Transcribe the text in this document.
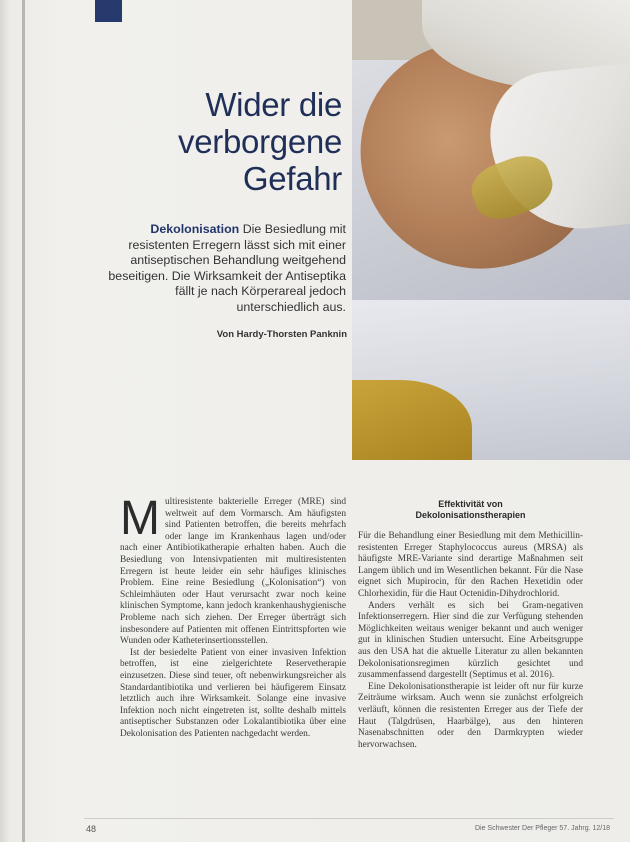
Wider die
verborgene
Gefahr
Dekolonisation Die Besiedlung mit resistenten Erregern lässt sich mit einer antiseptischen Behandlung weitgehend beseitigen. Die Wirksamkeit der Antiseptika fällt je nach Körperareal jedoch unterschiedlich aus.
Von Hardy-Thorsten Panknin

Multiresistente bakterielle Erreger (MRE) sind weltweit auf dem Vormarsch. Am häufigsten sind Patienten betroffen, die bereits mehrfach oder lange im Krankenhaus lagen und/oder nach einer Antibiotikatherapie erhalten haben. Auch die Besiedlung von Intensivpatienten mit multiresistenten Erregern ist heute leider ein sehr häufiges klinisches Problem. Eine reine Besiedlung („Kolonisation“) von Schleimhäuten oder Haut verursacht zwar noch keine klinischen Symptome, kann jedoch krankenhaushygienische Probleme nach sich ziehen. Der Erreger überträgt sich insbesondere auf Patienten mit offenen Eintrittspforten wie Wunden oder Katheterinsertionsstellen.

Ist der besiedelte Patient von einer invasiven Infektion betroffen, ist eine zielgerichtete Reservetherapie einzusetzen. Diese sind teuer, oft nebenwirkungsreicher als Standardantibiotika und verlieren bei häufigerem Einsatz letztlich auch ihre Wirksamkeit. Solange eine invasive Infektion noch nicht eingetreten ist, sollte deshalb mittels antiseptischer Substanzen oder Lokalantibiotika über eine Dekolonisation des Patienten nachgedacht werden.

Effektivität von
Dekolonisationstherapien

Für die Behandlung einer Besiedlung mit dem Methicillin-resistenten Erreger Staphylococcus aureus (MRSA) als häufigste MRE-Variante sind derartige Maßnahmen seit Langem üblich und im Wesentlichen bekannt. Für die Nase eignet sich Mupirocin, für den Rachen Hexetidin oder Chlorhexidin, für die Haut Octenidin-Dihydrochlorid.

Anders verhält es sich bei Gram-negativen Infektionserregern. Hier sind die zur Verfügung stehenden Möglichkeiten weitaus weniger bekannt und auch weniger gut in klinischen Studien untersucht. Eine Arbeitsgruppe aus den USA hat die aktuelle Literatur zu allen bekannten Dekolonisationsregimen kürzlich gesichtet und zusammenfassend dargestellt (Septimus et al. 2016).

Eine Dekolonisationstherapie ist leider oft nur für kurze Zeiträume wirksam. Auch wenn sie zunächst erfolgreich verläuft, können die resistenten Erreger aus der Tiefe der Haut (Talgdrüsen, Haarbälge), aus den hinteren Nasenabschnitten oder den Darmkrypten wieder hervorwachsen.

48	Die Schwester Der Pfleger 57. Jahrg. 12/18
